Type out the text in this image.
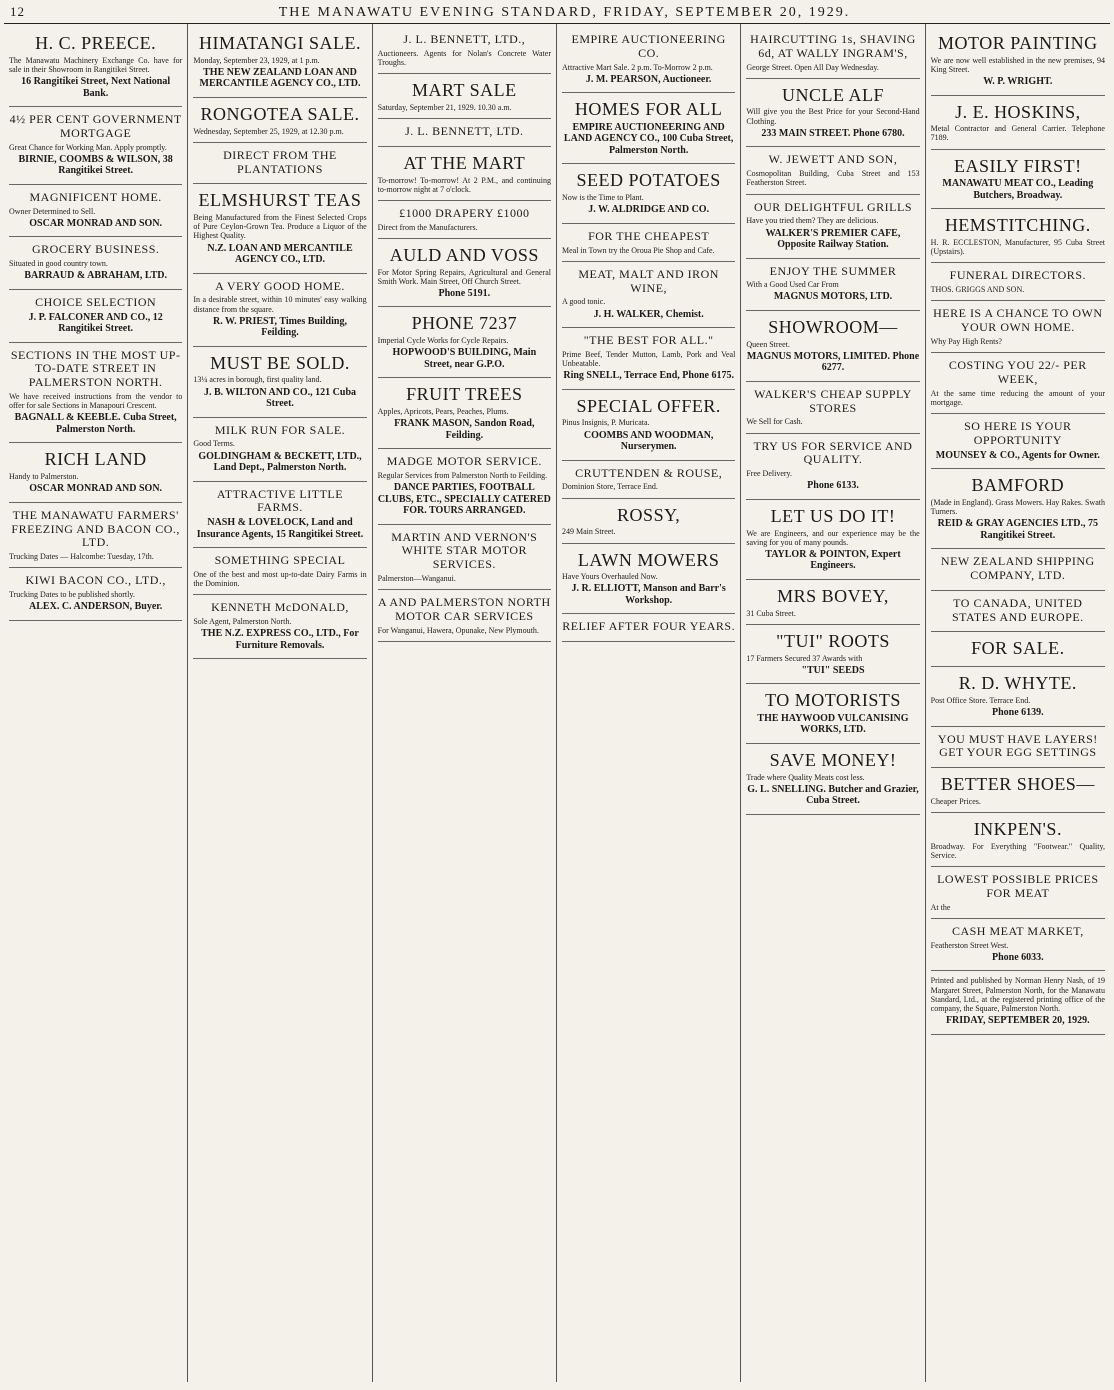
12	THE MANAWATU EVENING STANDARD, FRIDAY, SEPTEMBER 20, 1929.
H. C. PREECE.

The Manawatu Machinery Exchange Co. have for sale in their Showroom in Rangitikei Street.

16 Rangitikei Street, Next National Bank.
4½ PER CENT GOVERNMENT MORTGAGE

Great Chance for Working Man. Apply promptly.

BIRNIE, COOMBS & WILSON, 38 Rangitikei Street.
MAGNIFICENT HOME.

Owner Determined to Sell.

OSCAR MONRAD AND SON.
GROCERY BUSINESS.

Situated in good country town.

BARRAUD & ABRAHAM, LTD.
CHOICE SELECTION
J. P. FALCONER AND CO., 12 Rangitikei Street.
SECTIONS IN THE MOST UP-TO-DATE STREET IN PALMERSTON NORTH.

We have received instructions from the vendor to offer for sale Sections in Manapouri Crescent.

BAGNALL & KEEBLE. Cuba Street, Palmerston North.
RICH LAND

Handy to Palmerston.

OSCAR MONRAD AND SON.
THE MANAWATU FARMERS' FREEZING AND BACON CO., LTD.

Trucking Dates — Halcombe: Tuesday, 17th.

KIWI BACON CO., LTD.,

Trucking Dates to be published shortly.

ALEX. C. ANDERSON, Buyer.
HIMATANGI SALE.

Monday, September 23, 1929, at 1 p.m.

THE NEW ZEALAND LOAN AND MERCANTILE AGENCY CO., LTD.
RONGOTEA SALE.

Wednesday, September 25, 1929, at 12.30 p.m.

DIRECT FROM THE PLANTATIONS
ELMSHURST TEAS

Being Manufactured from the Finest Selected Crops of Pure Ceylon-Grown Tea. Produce a Liquor of the Highest Quality.

N.Z. LOAN AND MERCANTILE AGENCY CO., LTD.
A VERY GOOD HOME.

In a desirable street, within 10 minutes' easy walking distance from the square.

R. W. PRIEST, Times Building, Feilding.
MUST BE SOLD.

13¼ acres in borough, first quality land.

J. B. WILTON AND CO., 121 Cuba Street.
MILK RUN FOR SALE.

Good Terms.

GOLDINGHAM & BECKETT, LTD., Land Dept., Palmerston North.
ATTRACTIVE LITTLE FARMS.
NASH & LOVELOCK, Land and Insurance Agents, 15 Rangitikei Street.
SOMETHING SPECIAL

One of the best and most up-to-date Dairy Farms in the Dominion.

KENNETH McDONALD,

Sole Agent, Palmerston North.

THE N.Z. EXPRESS CO., LTD., For Furniture Removals.
J. L. BENNETT, LTD.,

Auctioneers. Agents for Nolan's Concrete Water Troughs.

MART SALE

Saturday, September 21, 1929. 10.30 a.m.

J. L. BENNETT, LTD.
AT THE MART

To-morrow! To-morrow! At 2 P.M., and continuing to-morrow night at 7 o'clock.

£1000 DRAPERY £1000

Direct from the Manufacturers.

AULD AND VOSS

For Motor Spring Repairs, Agricultural and General Smith Work. Main Street, Off Church Street.

Phone 5191.
PHONE 7237

Imperial Cycle Works for Cycle Repairs.

HOPWOOD'S BUILDING, Main Street, near G.P.O.
FRUIT TREES

Apples, Apricots, Pears, Peaches, Plums.

FRANK MASON, Sandon Road, Feilding.
MADGE MOTOR SERVICE.

Regular Services from Palmerston North to Feilding.

DANCE PARTIES, FOOTBALL CLUBS, ETC., SPECIALLY CATERED FOR. TOURS ARRANGED.
MARTIN AND VERNON'S WHITE STAR MOTOR SERVICES.

Palmerston—Wanganui.

A AND PALMERSTON NORTH MOTOR CAR SERVICES

For Wanganui, Hawera, Opunake, New Plymouth.

EMPIRE AUCTIONEERING CO.

Attractive Mart Sale. 2 p.m. To-Morrow 2 p.m.

J. M. PEARSON, Auctioneer.
HOMES FOR ALL
EMPIRE AUCTIONEERING AND LAND AGENCY CO., 100 Cuba Street, Palmerston North.
SEED POTATOES

Now is the Time to Plant.

J. W. ALDRIDGE AND CO.
FOR THE CHEAPEST

Meal in Town try the Oroua Pie Shop and Cafe.

MEAT, MALT AND IRON WINE,

A good tonic.

J. H. WALKER, Chemist.
"THE BEST FOR ALL."

Prime Beef, Tender Mutton, Lamb, Pork and Veal Unbeatable.

Ring SNELL, Terrace End, Phone 6175.
SPECIAL OFFER.

Pinus Insignis, P. Muricata.

COOMBS AND WOODMAN, Nurserymen.
CRUTTENDEN & ROUSE,

Dominion Store, Terrace End.

ROSSY,

249 Main Street.

LAWN MOWERS

Have Yours Overhauled Now.

J. R. ELLIOTT, Manson and Barr's Workshop.
RELIEF AFTER FOUR YEARS.
HAIRCUTTING 1s, SHAVING 6d, AT WALLY INGRAM'S,

George Street. Open All Day Wednesday.

UNCLE ALF

Will give you the Best Price for your Second-Hand Clothing.

233 MAIN STREET. Phone 6780.
W. JEWETT AND SON,

Cosmopolitan Building, Cuba Street and 153 Featherston Street.

OUR DELIGHTFUL GRILLS

Have you tried them? They are delicious.

WALKER'S PREMIER CAFE, Opposite Railway Station.
ENJOY THE SUMMER

With a Good Used Car From

MAGNUS MOTORS, LTD.
SHOWROOM—

Queen Street.

MAGNUS MOTORS, LIMITED. Phone 6277.
WALKER'S CHEAP SUPPLY STORES

We Sell for Cash.

TRY US FOR SERVICE AND QUALITY.

Free Delivery.

Phone 6133.
LET US DO IT!

We are Engineers, and our experience may be the saving for you of many pounds.

TAYLOR & POINTON, Expert Engineers.
MRS BOVEY,

31 Cuba Street.

"TUI" ROOTS

17 Farmers Secured 37 Awards with

"TUI" SEEDS
TO MOTORISTS
THE HAYWOOD VULCANISING WORKS, LTD.
SAVE MONEY!

Trade where Quality Meats cost less.

G. L. SNELLING. Butcher and Grazier, Cuba Street.
MOTOR PAINTING

We are now well established in the new premises, 94 King Street.

W. P. WRIGHT.
J. E. HOSKINS,

Metal Contractor and General Carrier. Telephone 7189.

EASILY FIRST!
MANAWATU MEAT CO., Leading Butchers, Broadway.
HEMSTITCHING.

H. R. ECCLESTON, Manufacturer, 95 Cuba Street (Upstairs).

FUNERAL DIRECTORS.

THOS. GRIGGS AND SON.

HERE IS A CHANCE TO OWN YOUR OWN HOME.

Why Pay High Rents?

COSTING YOU 22/- PER WEEK,

At the same time reducing the amount of your mortgage.

SO HERE IS YOUR OPPORTUNITY
MOUNSEY & CO., Agents for Owner.
BAMFORD

(Made in England). Grass Mowers. Hay Rakes. Swath Turners.

REID & GRAY AGENCIES LTD., 75 Rangitikei Street.
NEW ZEALAND SHIPPING COMPANY, LTD.
TO CANADA, UNITED STATES AND EUROPE.
FOR SALE.
R. D. WHYTE.

Post Office Store. Terrace End.

Phone 6139.
YOU MUST HAVE LAYERS! GET YOUR EGG SETTINGS
BETTER SHOES—

Cheaper Prices.

INKPEN'S.

Broadway. For Everything "Footwear." Quality, Service.

LOWEST POSSIBLE PRICES FOR MEAT

At the

CASH MEAT MARKET,

Featherston Street West.

Phone 6033.

Printed and published by Norman Henry Nash, of 19 Margaret Street, Palmerston North, for the Manawatu Standard, Ltd., at the registered printing office of the company, the Square, Palmerston North.

FRIDAY, SEPTEMBER 20, 1929.
